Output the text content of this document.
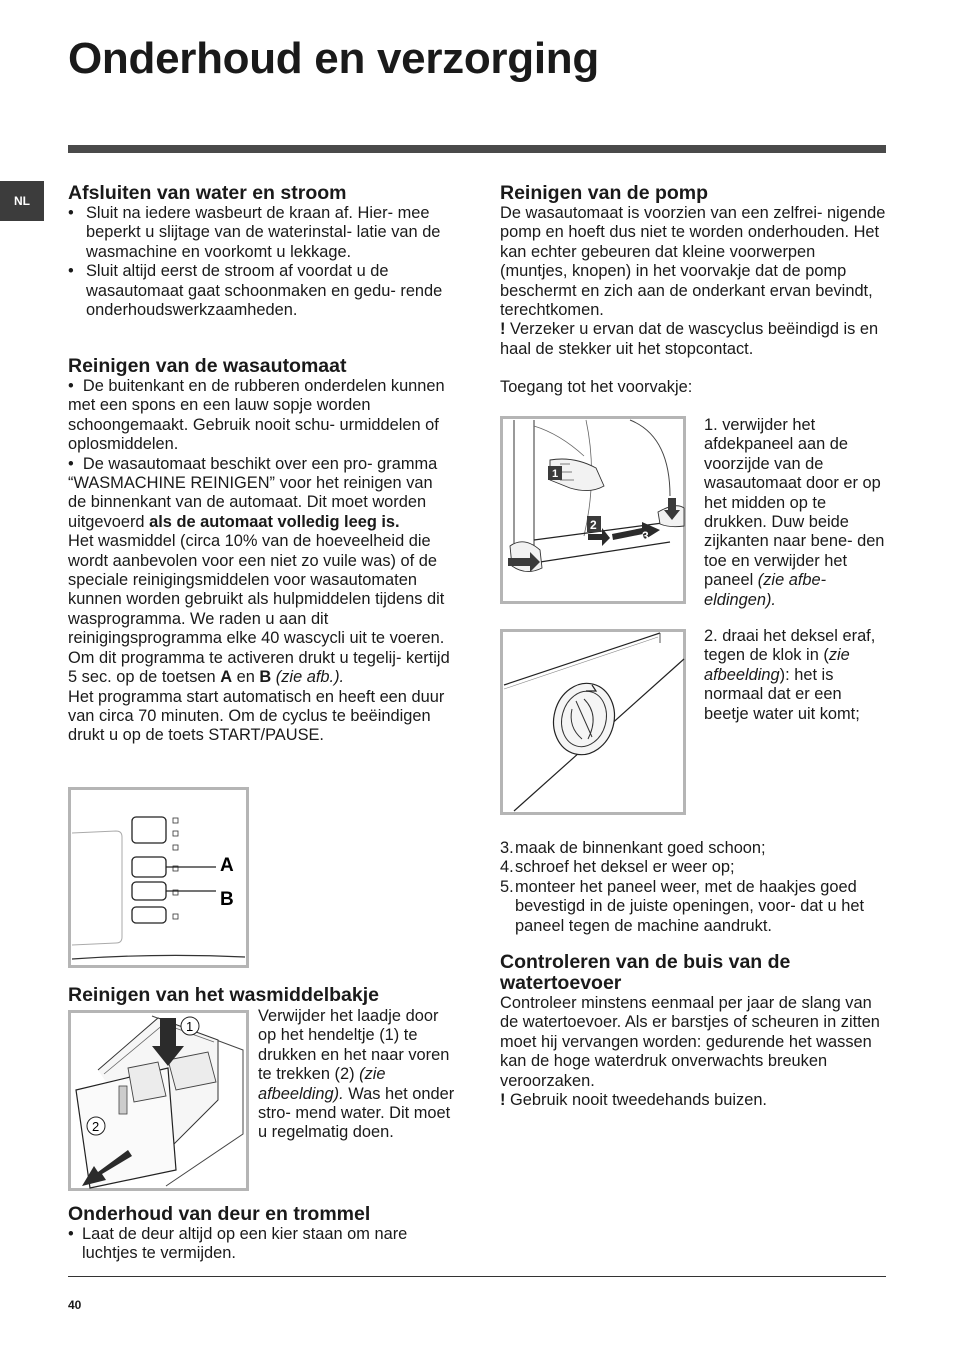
Onderhoud en verzorging
NL	Afsluiten van water en stroom
• Sluit na iedere wasbeurt de kraan af. Hier- mee beperkt u slijtage van de waterinstal- latie van de wasmachine en voorkomt u lekkage.
• Sluit altijd eerst de stroom af voordat u de wasautomaat gaat schoonmaken en gedu- rende onderhoudswerkzaamheden.
Reinigen van de wasautomaat
•  De buitenkant en de rubberen onderdelen kunnen met een spons en een lauw sopje worden schoongemaakt. Gebruik nooit schu- urmiddelen of oplosmiddelen.
•  De wasautomaat beschikt over een pro- gramma “WASMACHINE REINIGEN” voor het reinigen van de binnenkant van de automaat. Dit moet worden uitgevoerd als de automaat volledig leeg is.
Het wasmiddel (circa 10% van de hoeveelheid die wordt aanbevolen voor een niet zo vuile was) of de speciale reinigingsmiddelen voor wasautomaten kunnen worden gebruikt als hulpmiddelen tijdens dit wasprogramma. We raden u aan dit reinigingsprogramma elke 40 wascycli uit te voeren.
Om dit programma te activeren drukt u tegelij- kertijd 5 sec. op de toetsen A en B (zie afb.).
Het programma start automatisch en heeft een duur van circa 70 minuten. Om de cyclus te beëindigen drukt u op de toets START/PAUSE.
A
B
Reinigen van het wasmiddelbakje
1
2
Verwijder het laadje door op het hendeltje (1) te drukken en het naar voren te trekken (2) (zie afbeelding). Was het onder stro- mend water. Dit moet u regelmatig doen.
Onderhoud van deur en trommel
• Laat de deur altijd op een kier staan om nare luchtjes te vermijden.
Reinigen van de pomp
De wasautomaat is voorzien van een zelfrei- nigende pomp en hoeft dus niet te worden onderhouden. Het kan echter gebeuren dat kleine voorwerpen (muntjes, knopen) in het voorvakje dat de pomp beschermt en zich aan de onderkant ervan bevindt, terechtkomen.
! Verzeker u ervan dat de wascyclus beëindigd is en haal de stekker uit het stopcontact.
Toegang tot het voorvakje:
1
2
3
1. verwijder het afdekpaneel aan de voorzijde van de wasautomaat door er op het midden op te drukken. Duw beide zijkanten naar bene- den toe en verwijder het paneel (zie afbe- eldingen).
2. draai het deksel eraf, tegen de klok in (zie afbeelding): het is normaal dat er een beetje water uit komt;
3. maak de binnenkant goed schoon;
4. schroef het deksel er weer op;
5. monteer het paneel weer, met de haakjes goed bevestigd in de juiste openingen, voor- dat u het paneel tegen de machine aandrukt.
Controleren van de buis van de watertoevoer
Controleer minstens eenmaal per jaar de slang van de watertoevoer. Als er barstjes of scheuren in zitten moet hij vervangen worden: gedurende het wassen kan de hoge waterdruk onverwachts breuken veroorzaken.
! Gebruik nooit tweedehands buizen.
40
